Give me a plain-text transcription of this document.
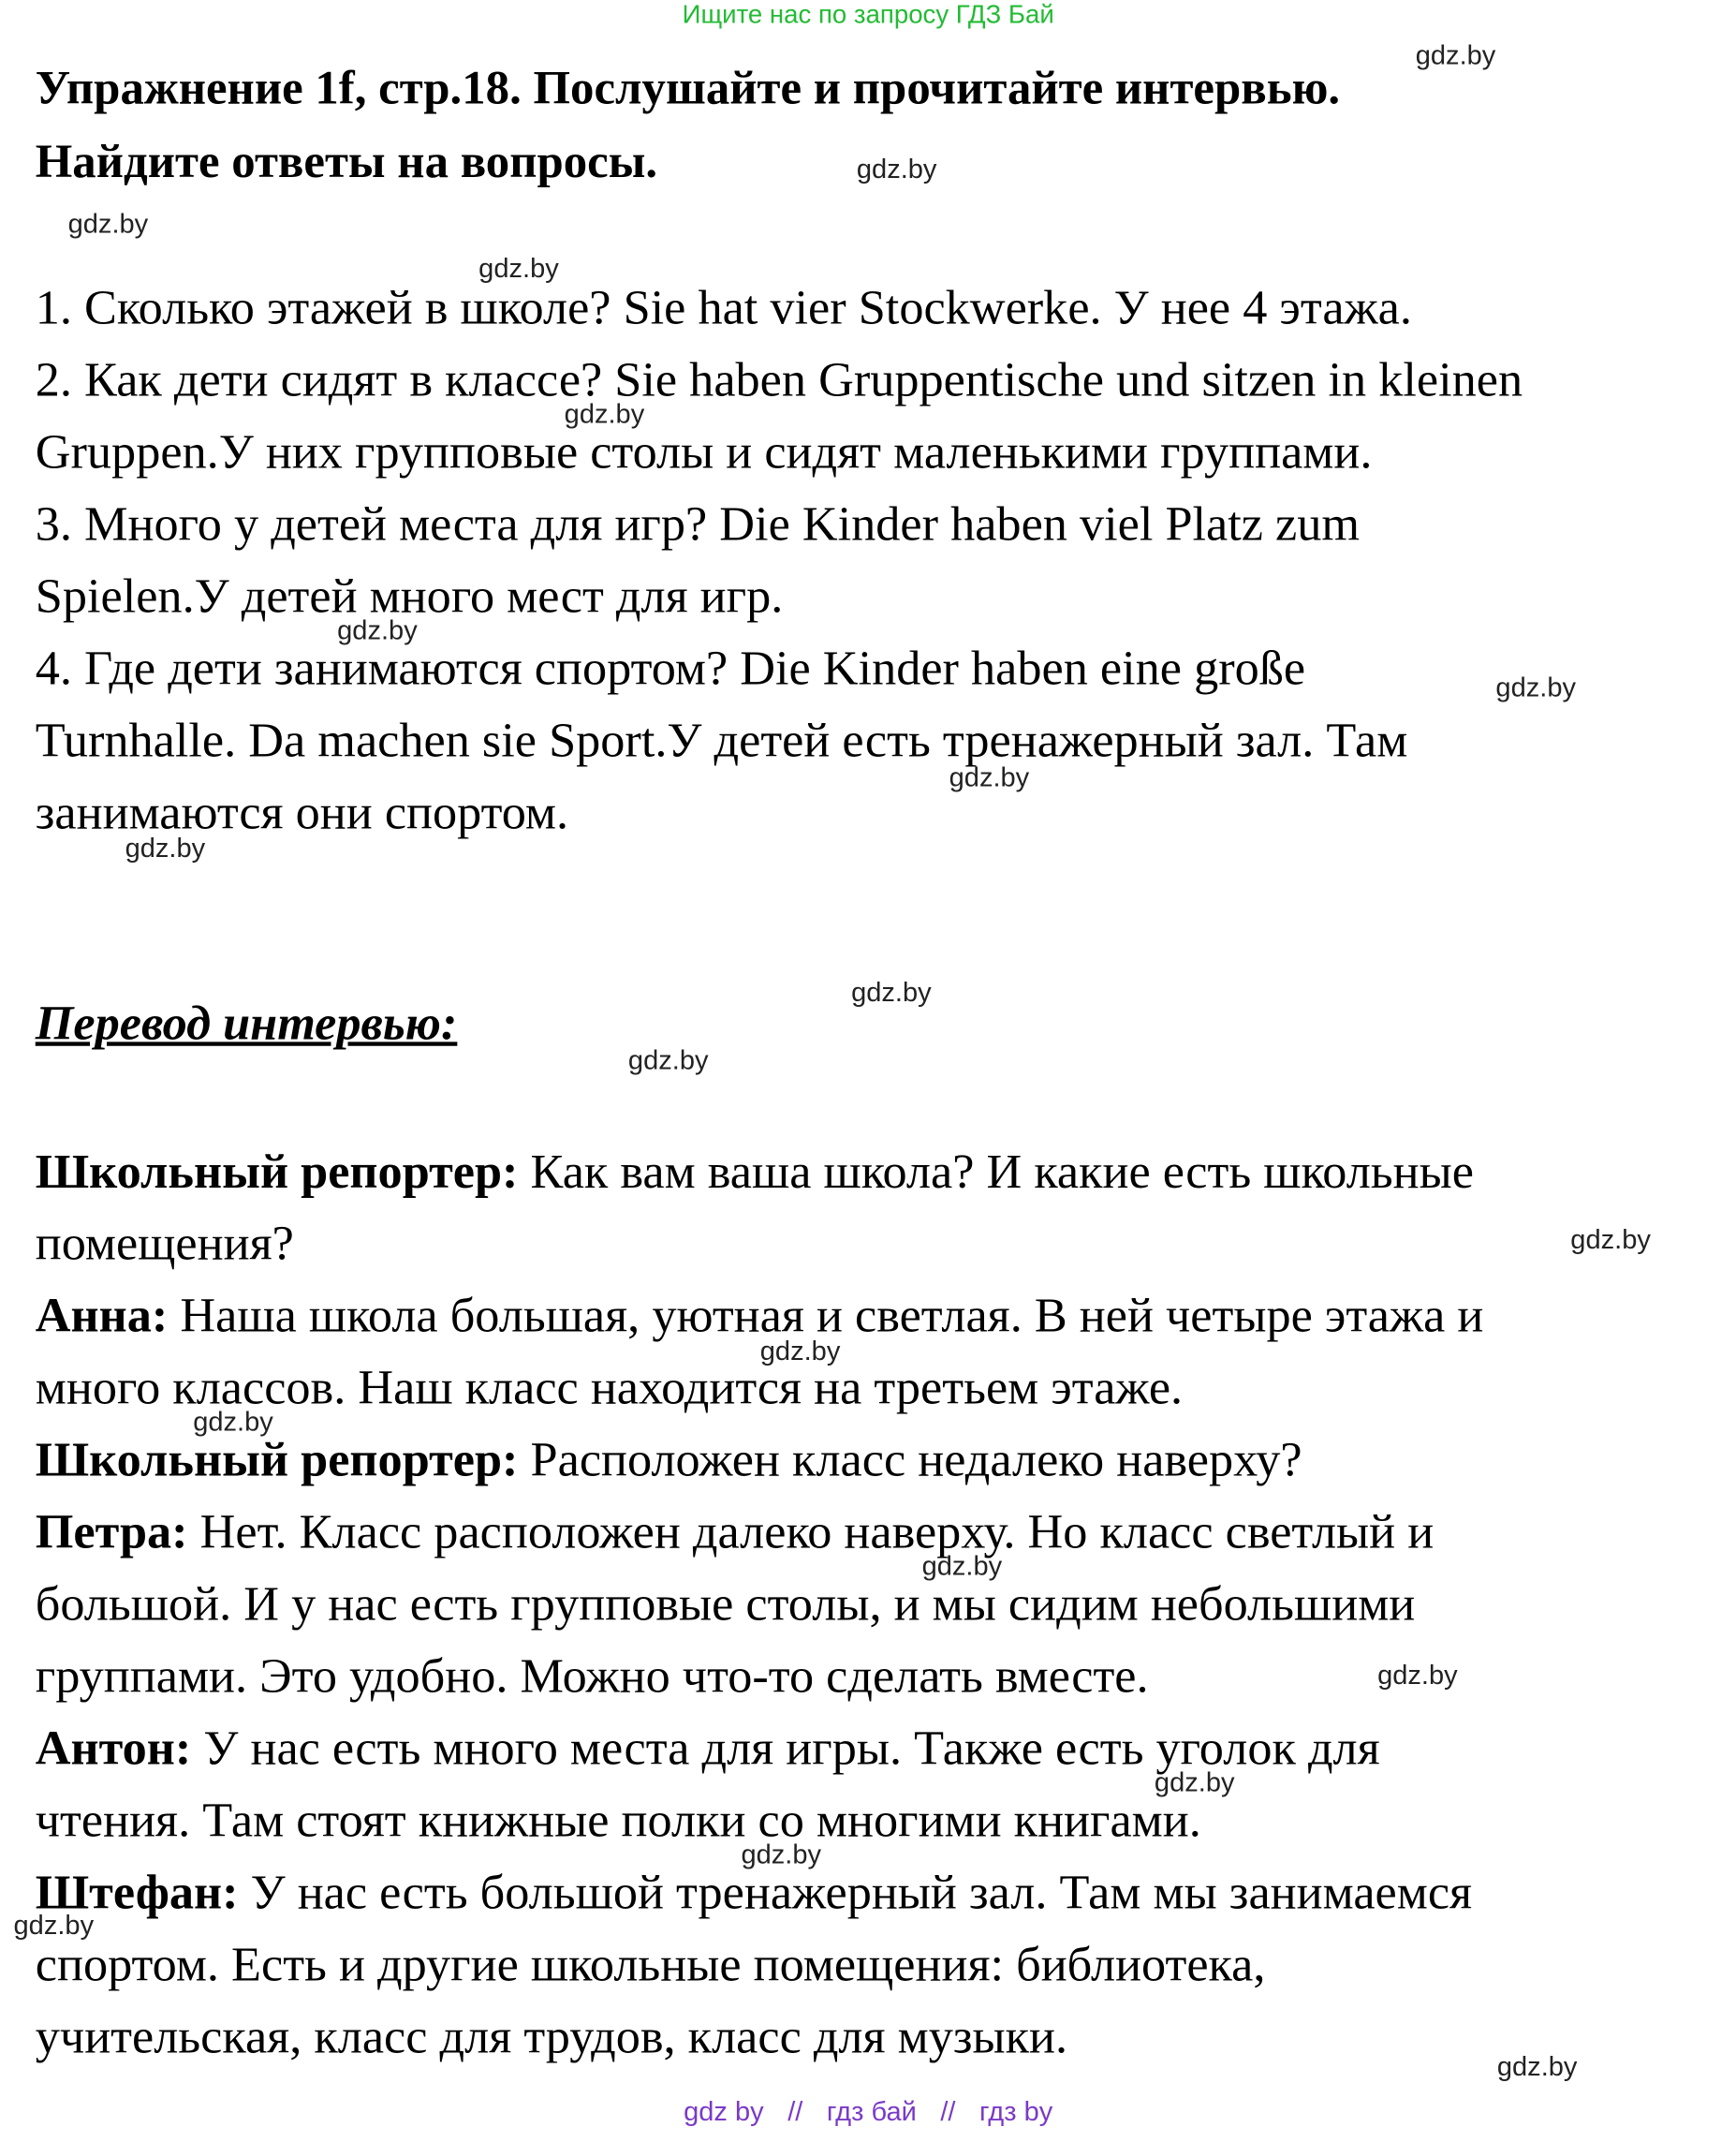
Ищите нас по запросу ГДЗ Бай
Упражнение 1f, стр.18. Послушайте и прочитайте интервью.
Найдите ответы на вопросы.
1. Сколько этажей в школе? Sie hat vier Stockwerke. У нее 4 этажа.
2. Как дети сидят в классе? Sie haben Gruppentische und sitzen in kleinen
Gruppen.У них групповые столы и сидят маленькими группами.
3. Много у детей места для игр? Die Kinder haben viel Platz zum
Spielen.У детей много мест для игр.
4. Где дети занимаются спортом? Die Kinder haben eine große
Turnhalle. Da machen sie Sport.У детей есть тренажерный зал. Там
занимаются они спортом.
Перевод интервью:
Школьный репортер: Как вам ваша школа? И какие есть школьные
помещения?
Анна: Наша школа большая, уютная и светлая. В ней четыре этажа и
много классов. Наш класс находится на третьем этаже.
Школьный репортер: Расположен класс недалеко наверху?
Петра: Нет. Класс расположен далеко наверху. Но класс светлый и
большой. И у нас есть групповые столы, и мы сидим небольшими
группами. Это удобно. Можно что-то сделать вместе.
Антон: У нас есть много места для игры. Также есть уголок для
чтения. Там стоят книжные полки со многими книгами.
Штефан: У нас есть большой тренажерный зал. Там мы занимаемся
спортом. Есть и другие школьные помещения: библиотека,
учительская, класс для трудов, класс для музыки.
gdz.by
gdz.by
gdz.by
gdz.by
gdz.by
gdz.by
gdz.by
gdz.by
gdz.by
gdz.by
gdz.by
gdz.by
gdz.by
gdz.by
gdz.by
gdz.by
gdz.by
gdz.by
gdz.by
gdz.by
gdz by // гдз бай // гдз by
